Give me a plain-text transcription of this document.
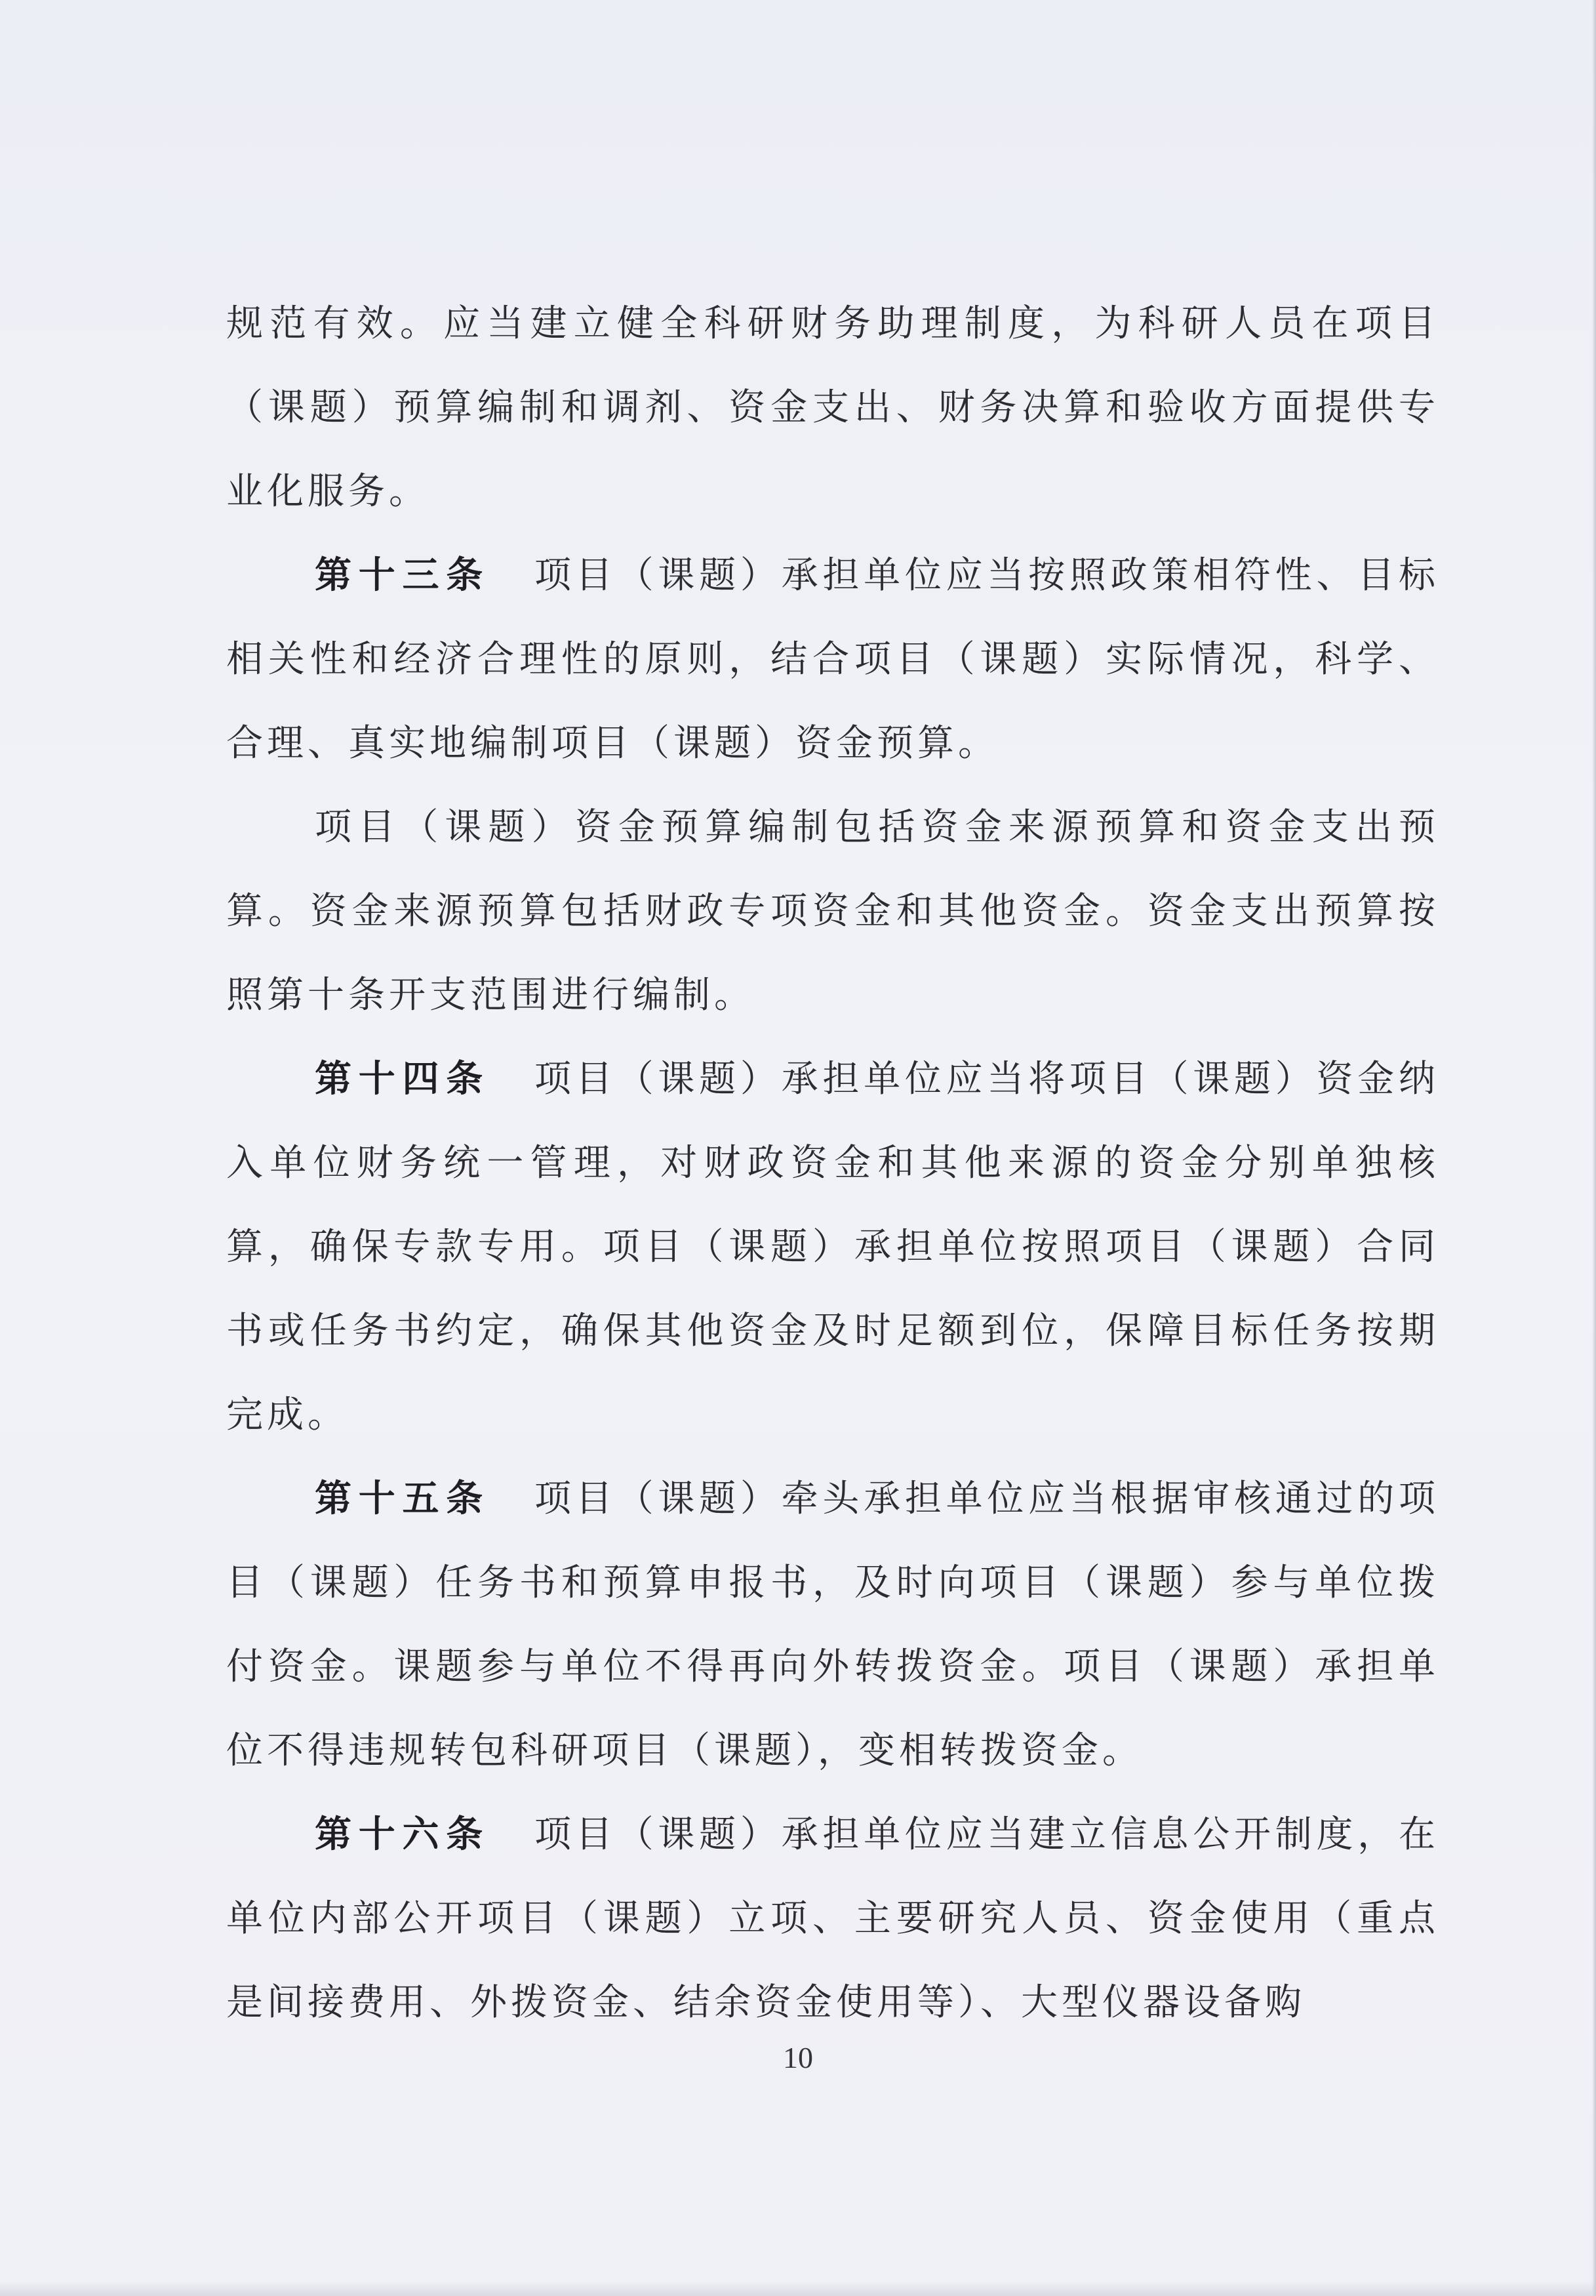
规范有效。应当建立健全科研财务助理制度，为科研人员在项目（课题）预算编制和调剂、资金支出、财务决算和验收方面提供专业化服务。

第十三条 项目（课题）承担单位应当按照政策相符性、目标相关性和经济合理性的原则，结合项目（课题）实际情况，科学、合理、真实地编制项目（课题）资金预算。

项目（课题）资金预算编制包括资金来源预算和资金支出预算。资金来源预算包括财政专项资金和其他资金。资金支出预算按照第十条开支范围进行编制。

第十四条 项目（课题）承担单位应当将项目（课题）资金纳入单位财务统一管理，对财政资金和其他来源的资金分别单独核算，确保专款专用。项目（课题）承担单位按照项目（课题）合同书或任务书约定，确保其他资金及时足额到位，保障目标任务按期完成。

第十五条 项目（课题）牵头承担单位应当根据审核通过的项目（课题）任务书和预算申报书，及时向项目（课题）参与单位拨付资金。课题参与单位不得再向外转拨资金。项目（课题）承担单位不得违规转包科研项目（课题），变相转拨资金。

第十六条 项目（课题）承担单位应当建立信息公开制度，在单位内部公开项目（课题）立项、主要研究人员、资金使用（重点是间接费用、外拨资金、结余资金使用等）、大型仪器设备购

10
